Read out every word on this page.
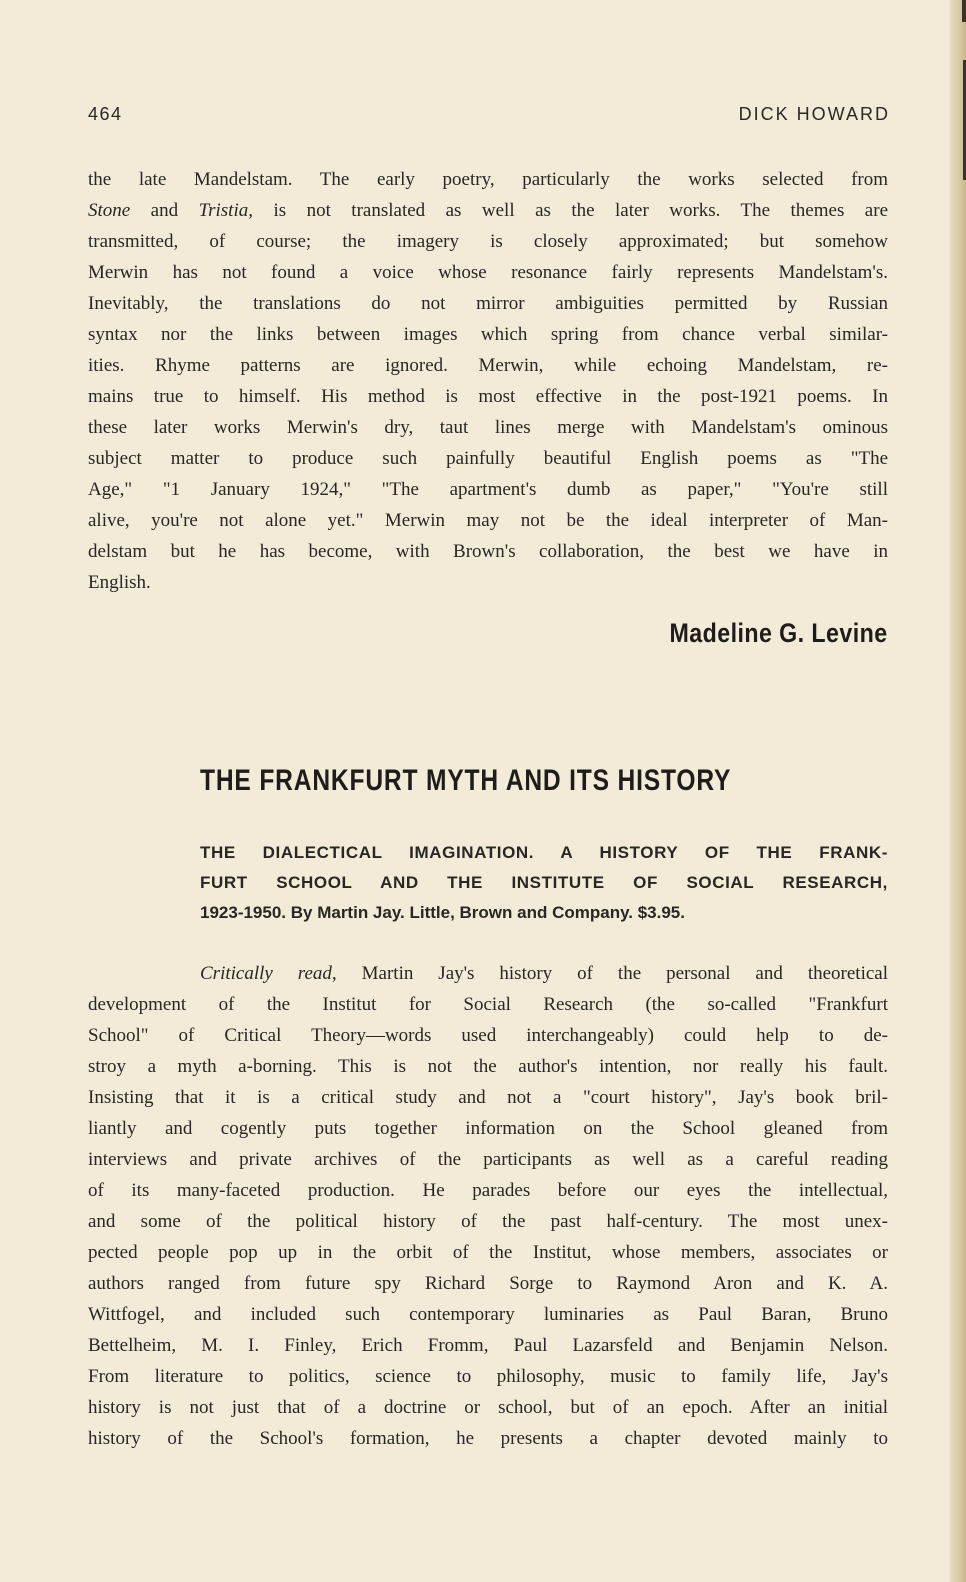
464	DICK HOWARD
the late Mandelstam. The early poetry, particularly the works selected from
Stone and Tristia, is not translated as well as the later works. The themes are
transmitted, of course; the imagery is closely approximated; but somehow
Merwin has not found a voice whose resonance fairly represents Mandelstam's.
Inevitably, the translations do not mirror ambiguities permitted by Russian
syntax nor the links between images which spring from chance verbal similar-
ities. Rhyme patterns are ignored. Merwin, while echoing Mandelstam, re-
mains true to himself. His method is most effective in the post-1921 poems. In
these later works Merwin's dry, taut lines merge with Mandelstam's ominous
subject matter to produce such painfully beautiful English poems as "The
Age," "1 January 1924," "The apartment's dumb as paper," "You're still
alive, you're not alone yet." Merwin may not be the ideal interpreter of Man-
delstam but he has become, with Brown's collaboration, the best we have in
English.
Madeline G. Levine
THE FRANKFURT MYTH AND ITS HISTORY
THE DIALECTICAL IMAGINATION. A HISTORY OF THE FRANK-
FURT SCHOOL AND THE INSTITUTE OF SOCIAL RESEARCH,
1923-1950. By Martin Jay. Little, Brown and Company. $3.95.
Critically read, Martin Jay's history of the personal and theoretical
development of the Institut for Social Research (the so-called "Frankfurt
School" of Critical Theory—words used interchangeably) could help to de-
stroy a myth a-borning. This is not the author's intention, nor really his fault.
Insisting that it is a critical study and not a "court history", Jay's book bril-
liantly and cogently puts together information on the School gleaned from
interviews and private archives of the participants as well as a careful reading
of its many-faceted production. He parades before our eyes the intellectual,
and some of the political history of the past half-century. The most unex-
pected people pop up in the orbit of the Institut, whose members, associates or
authors ranged from future spy Richard Sorge to Raymond Aron and K. A.
Wittfogel, and included such contemporary luminaries as Paul Baran, Bruno
Bettelheim, M. I. Finley, Erich Fromm, Paul Lazarsfeld and Benjamin Nelson.
From literature to politics, science to philosophy, music to family life, Jay's
history is not just that of a doctrine or school, but of an epoch. After an initial
history of the School's formation, he presents a chapter devoted mainly to
